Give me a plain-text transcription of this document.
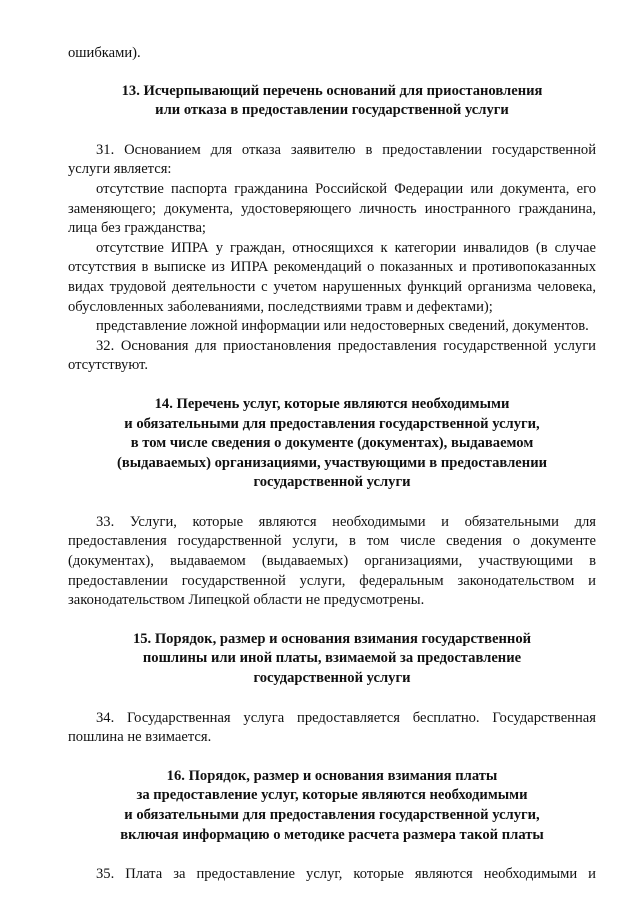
ошибками).

13. Исчерпывающий перечень оснований для приостановления
или отказа в предоставлении государственной услуги

31. Основанием для отказа заявителю в предоставлении государственной услуги является:

отсутствие паспорта гражданина Российской Федерации или документа, его заменяющего; документа, удостоверяющего личность иностранного гражданина, лица без гражданства;

отсутствие ИПРА у граждан, относящихся к категории инвалидов (в случае отсутствия в выписке из ИПРА рекомендаций о показанных и противопоказанных видах трудовой деятельности с учетом нарушенных функций организма человека, обусловленных заболеваниями, последствиями травм и дефектами);

представление ложной информации или недостоверных сведений, документов.

32. Основания для приостановления предоставления государственной услуги отсутствуют.

14. Перечень услуг, которые являются необходимыми
и обязательными для предоставления государственной услуги,
в том числе сведения о документе (документах), выдаваемом
(выдаваемых) организациями, участвующими в предоставлении
государственной услуги

33. Услуги, которые являются необходимыми и обязательными для предоставления государственной услуги, в том числе сведения о документе (документах), выдаваемом (выдаваемых) организациями, участвующими в предоставлении государственной услуги, федеральным законодательством и законодательством Липецкой области не предусмотрены.

15. Порядок, размер и основания взимания государственной
пошлины или иной платы, взимаемой за предоставление
государственной услуги

34. Государственная услуга предоставляется бесплатно. Государственная пошлина не взимается.

16. Порядок, размер и основания взимания платы
за предоставление услуг, которые являются необходимыми
и обязательными для предоставления государственной услуги,
включая информацию о методике расчета размера такой платы

35. Плата за предоставление услуг, которые являются необходимыми и
